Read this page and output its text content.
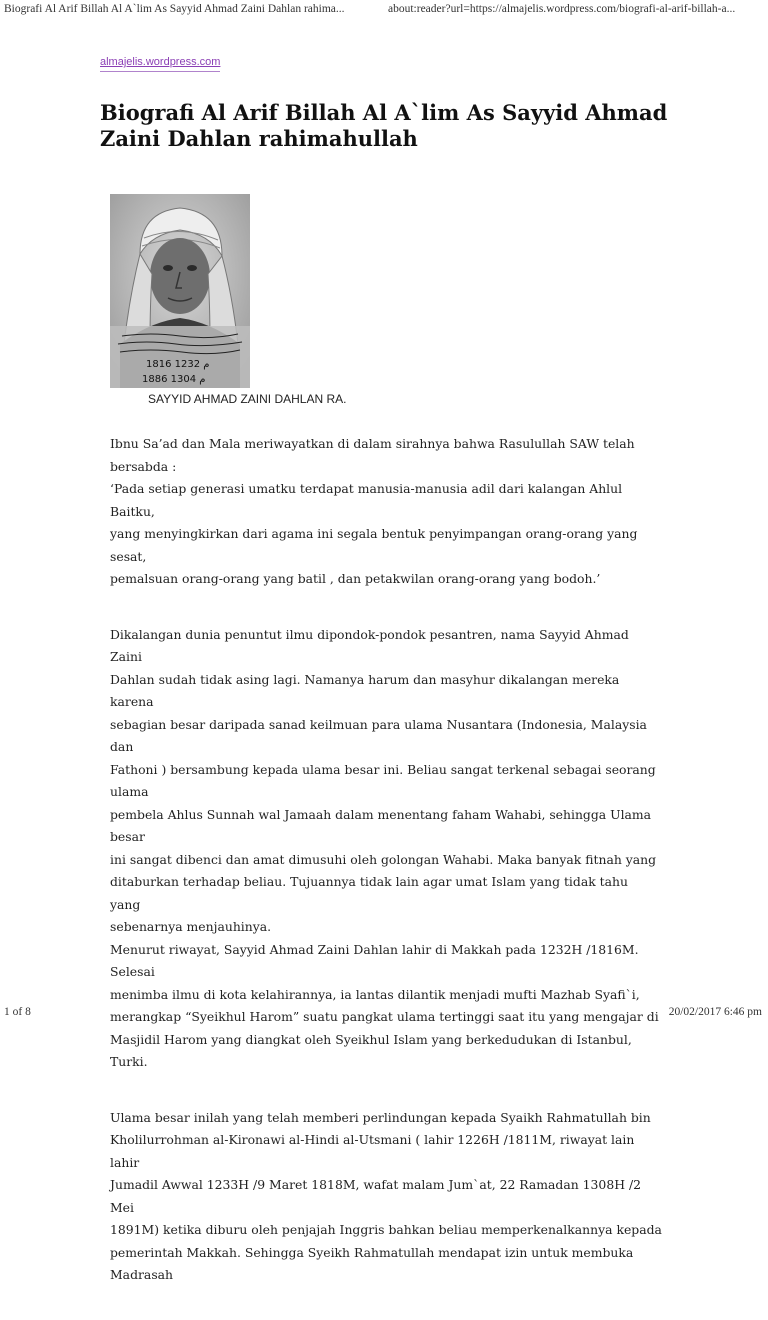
Biografi Al Arif Billah Al A`lim As Sayyid Ahmad Zaini Dahlan rahima...	about:reader?url=https://almajelis.wordpress.com/biografi-al-arif-billah-a...
almajelis.wordpress.com
Biografi Al Arif Billah Al A`lim As Sayyid Ahmad Zaini Dahlan rahimahullah
1816 م 1232
1886 م 1304
SAYYID AHMAD ZAINI DAHLAN RA.

Ibnu Sa’ad dan Mala meriwayatkan di dalam sirahnya bahwa Rasulullah SAW telah bersabda :
‘Pada setiap generasi umatku terdapat manusia-manusia adil dari kalangan Ahlul Baitku,
yang menyingkirkan dari agama ini segala bentuk penyimpangan orang-orang yang sesat,
pemalsuan orang-orang yang batil , dan petakwilan orang-orang yang bodoh.’

Dikalangan dunia penuntut ilmu dipondok-pondok pesantren, nama Sayyid Ahmad Zaini
Dahlan sudah tidak asing lagi. Namanya harum dan masyhur dikalangan mereka karena
sebagian besar daripada sanad keilmuan para ulama Nusantara (Indonesia, Malaysia dan
Fathoni ) bersambung kepada ulama besar ini. Beliau sangat terkenal sebagai seorang ulama
pembela Ahlus Sunnah wal Jamaah dalam menentang faham Wahabi, sehingga Ulama besar
ini sangat dibenci dan amat dimusuhi oleh golongan Wahabi. Maka banyak fitnah yang
ditaburkan terhadap beliau. Tujuannya tidak lain agar umat Islam yang tidak tahu yang
sebenarnya menjauhinya.
Menurut riwayat, Sayyid Ahmad Zaini Dahlan lahir di Makkah pada 1232H /1816M. Selesai
menimba ilmu di kota kelahirannya, ia lantas dilantik menjadi mufti Mazhab Syafi`i,
merangkap “Syeikhul Harom” suatu pangkat ulama tertinggi saat itu yang mengajar di
Masjidil Harom yang diangkat oleh Syeikhul Islam yang berkedudukan di Istanbul, Turki.

Ulama besar inilah yang telah memberi perlindungan kepada Syaikh Rahmatullah bin
Kholilurrohman al-Kironawi al-Hindi al-Utsmani ( lahir 1226H /1811M, riwayat lain lahir
Jumadil Awwal 1233H /9 Maret 1818M, wafat malam Jum`at, 22 Ramadan 1308H /2 Mei
1891M) ketika diburu oleh penjajah Inggris bahkan beliau memperkenalkannya kepada
pemerintah Makkah. Sehingga Syeikh Rahmatullah mendapat izin untuk membuka Madrasah

1 of 8	20/02/2017 6:46 pm
